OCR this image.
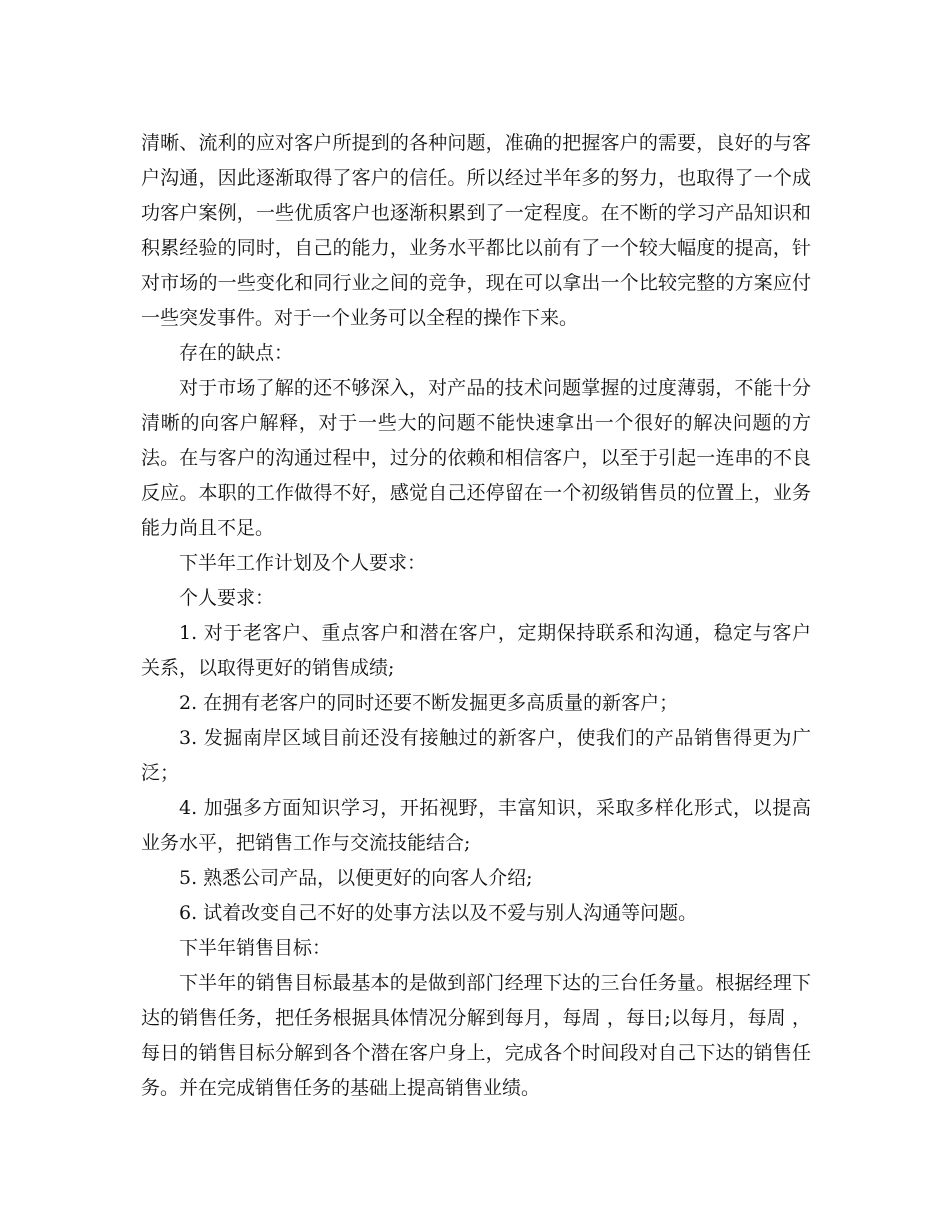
清晰、流利的应对客户所提到的各种问题，准确的把握客户的需要，良好的与客户沟通，因此逐渐取得了客户的信任。所以经过半年多的努力，也取得了一个成功客户案例，一些优质客户也逐渐积累到了一定程度。在不断的学习产品知识和积累经验的同时，自己的能力，业务水平都比以前有了一个较大幅度的提高，针对市场的一些变化和同行业之间的竞争，现在可以拿出一个比较完整的方案应付一些突发事件。对于一个业务可以全程的操作下来。

存在的缺点：

对于市场了解的还不够深入，对产品的技术问题掌握的过度薄弱，不能十分清晰的向客户解释，对于一些大的问题不能快速拿出一个很好的解决问题的方法。在与客户的沟通过程中，过分的依赖和相信客户，以至于引起一连串的不良反应。本职的工作做得不好，感觉自己还停留在一个初级销售员的位置上，业务能力尚且不足。

下半年工作计划及个人要求：

个人要求：

1. 对于老客户、重点客户和潜在客户，定期保持联系和沟通，稳定与客户关系，以取得更好的销售成绩;

2. 在拥有老客户的同时还要不断发掘更多高质量的新客户；

3. 发掘南岸区域目前还没有接触过的新客户，使我们的产品销售得更为广泛；

4. 加强多方面知识学习，开拓视野，丰富知识，采取多样化形式，以提高业务水平，把销售工作与交流技能结合;

5. 熟悉公司产品，以便更好的向客人介绍;

6. 试着改变自己不好的处事方法以及不爱与别人沟通等问题。

下半年销售目标：

下半年的销售目标最基本的是做到部门经理下达的三台任务量。根据经理下达的销售任务，把任务根据具体情况分解到每月，每周 ，每日;以每月，每周 ，每日的销售目标分解到各个潜在客户身上，完成各个时间段对自己下达的销售任务。并在完成销售任务的基础上提高销售业绩。
